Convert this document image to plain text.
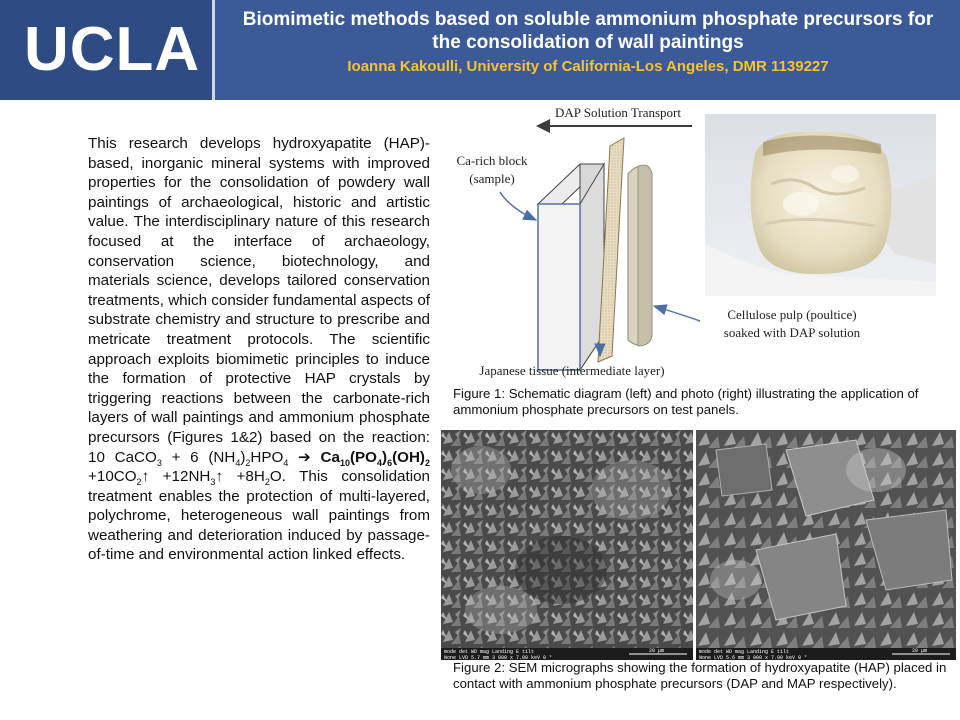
UCLA	Biomimetic methods based on soluble ammonium phosphate precursors for the consolidation of wall paintings
Ioanna Kakoulli, University of California-Los Angeles, DMR 1139227
This research develops hydroxyapatite (HAP)-based, inorganic mineral systems with improved properties for the consolidation of powdery wall paintings of archaeological, historic and artistic value. The interdisciplinary nature of this research focused at the interface of archaeology, conservation science, biotechnology, and materials science, develops tailored conservation treatments, which consider fundamental aspects of substrate chemistry and structure to prescribe and metricate treatment protocols. The scientific approach exploits biomimetic principles to induce the formation of protective HAP crystals by triggering reactions between the carbonate-rich layers of wall paintings and ammonium phosphate precursors (Figures 1&2) based on the reaction: 10 CaCO$_3$ + 6 $(NH_4)_2HPO_4$ ➔ $Ca_{10}(PO_4)_6(OH)_2$ $+10CO_2↑$ $+12NH_3↑ +8H_2O$. This consolidation treatment enables the protection of multi-layered, polychrome, heterogeneous wall paintings from weathering and deterioration induced by passage-of-time and environmental action linked effects.
DAP Solution Transport
Ca-rich block (sample)
Japanese tissue (intermediate layer)
Cellulose pulp (poultice) soaked with DAP solution
Figure 1: Schematic diagram (left) and photo (right) illustrating the application of ammonium phosphate precursors on test panels.
mode det WD mag Landing E tilt
None LVD 5.7 mm 3 000 x 7.00 keV 0 °
20 μm	mode det WD mag Landing E tilt
None LVD 5.6 mm 3 000 x 7.00 keV 0 °
20 μm
Figure 2: SEM micrographs showing the formation of hydroxyapatite (HAP) placed in contact with ammonium phosphate precursors (DAP and MAP respectively).
